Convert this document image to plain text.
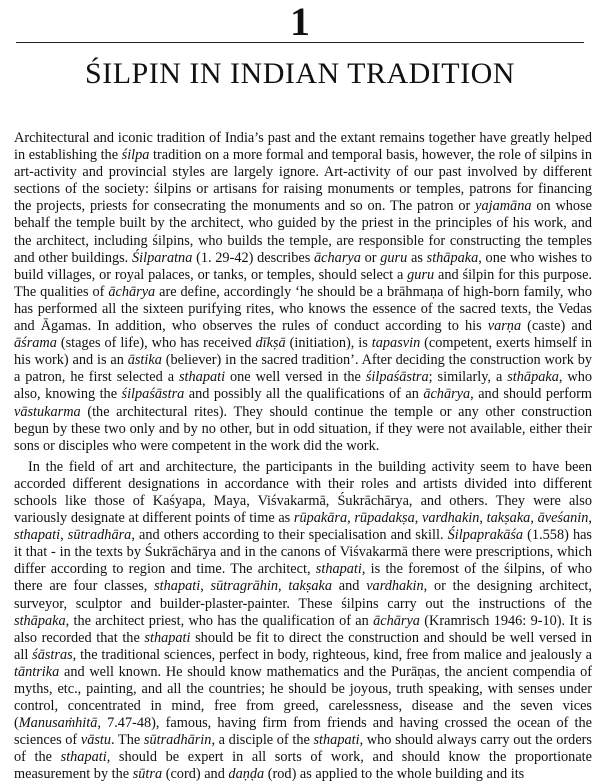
1
ŚILPIN IN INDIAN TRADITION

Architectural and iconic tradition of India’s past and the extant remains together have greatly helped in establishing the śilpa tradition on a more formal and temporal basis, however, the role of silpins in art-activity and provincial styles are largely ignore. Art-activity of our past involved by different sections of the society: śilpins or artisans for raising monuments or temples, patrons for financing the projects, priests for consecrating the monuments and so on. The patron or yajamāna on whose behalf the temple built by the architect, who guided by the priest in the principles of his work, and the architect, including śilpins, who builds the temple, are responsible for constructing the temples and other buildings. Śilparatna (1. 29-42) describes ācharya or guru as sthāpaka, one who wishes to build villages, or royal palaces, or tanks, or temples, should select a guru and śilpin for this purpose. The qualities of āchārya are define, accordingly ‘he should be a brāhmaṇa of high-born family, who has performed all the sixteen purifying rites, who knows the essence of the sacred texts, the Vedas and Āgamas. In addition, who observes the rules of conduct according to his varṇa (caste) and āśrama (stages of life), who has received dīkṣā (initiation), is tapasvin (competent, exerts himself in his work) and is an āstika (believer) in the sacred tradition’. After deciding the construction work by a patron, he first selected a sthapati one well versed in the śilpaśāstra; similarly, a sthāpaka, who also, knowing the śilpaśāstra and possibly all the qualifications of an āchārya, and should perform vāstukarma (the architectural rites). They should continue the temple or any other construction begun by these two only and by no other, but in odd situation, if they were not available, either their sons or disciples who were competent in the work did the work.

In the field of art and architecture, the participants in the building activity seem to have been accorded different designations in accordance with their roles and artists divided into different schools like those of Kaśyapa, Maya, Viśvakarmā, Śukrāchārya, and others. They were also variously designate at different points of time as rūpakāra, rūpadakṣa, vardhakin, takṣaka, āveśanin, sthapati, sūtradhāra, and others according to their specialisation and skill. Śilpaprakāśa (1.558) has it that - in the texts by Śukrāchārya and in the canons of Viśvakarmā there were prescriptions, which differ according to region and time. The architect, sthapati, is the foremost of the śilpins, of who there are four classes, sthapati, sūtragrāhin, takṣaka and vardhakin, or the designing architect, surveyor, sculptor and builder-plaster-painter. These śilpins carry out the instructions of the sthāpaka, the architect priest, who has the qualification of an āchārya (Kramrisch 1946: 9-10). It is also recorded that the sthapati should be fit to direct the construction and should be well versed in all śāstras, the traditional sciences, perfect in body, righteous, kind, free from malice and jealously a tāntrika and well known. He should know mathematics and the Purāṇas, the ancient compendia of myths, etc., painting, and all the countries; he should be joyous, truth speaking, with senses under control, concentrated in mind, free from greed, carelessness, disease and the seven vices (Manusaṁhitā, 7.47-48), famous, having firm from friends and having crossed the ocean of the sciences of vāstu. The sūtradhārin, a disciple of the sthapati, who should always carry out the orders of the sthapati, should be expert in all sorts of work, and should know the proportionate measurement by the sūtra (cord) and daṇḍa (rod) as applied to the whole building and its
